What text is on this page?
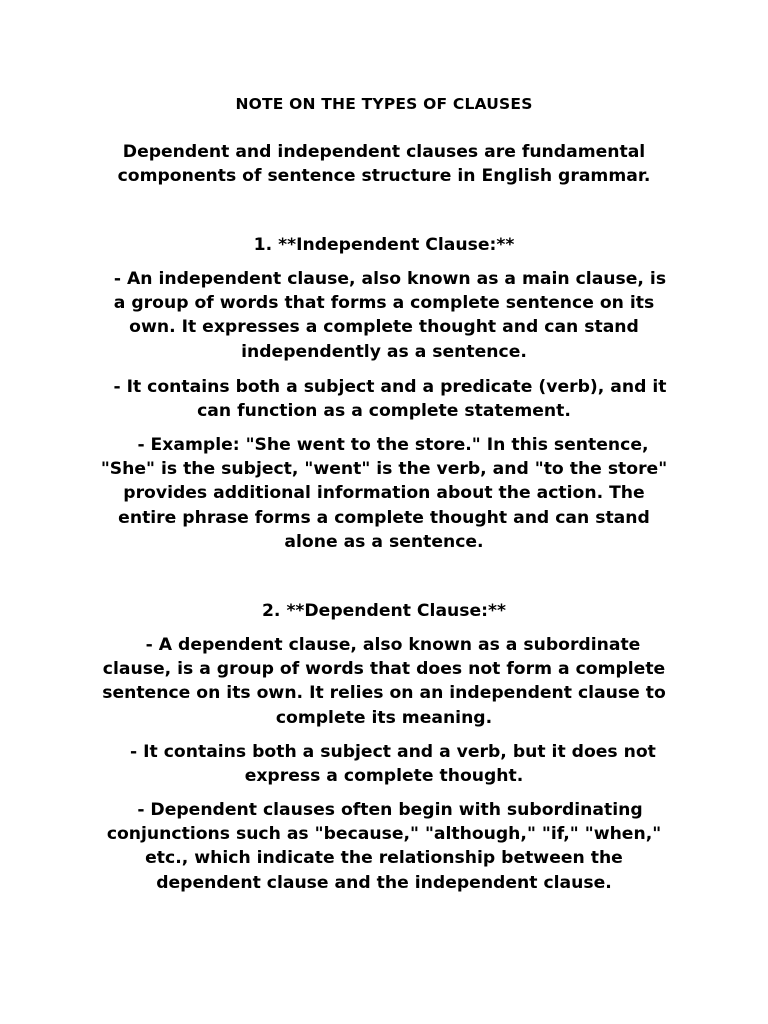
NOTE ON THE TYPES OF CLAUSES

Dependent and independent clauses are fundamental
components of sentence structure in English grammar.

1. **Independent Clause:**

- An independent clause, also known as a main clause, is
a group of words that forms a complete sentence on its
own. It expresses a complete thought and can stand
independently as a sentence.

- It contains both a subject and a predicate (verb), and it
can function as a complete statement.

- Example: "She went to the store." In this sentence,
"She" is the subject, "went" is the verb, and "to the store"
provides additional information about the action. The
entire phrase forms a complete thought and can stand
alone as a sentence.

2. **Dependent Clause:**

- A dependent clause, also known as a subordinate
clause, is a group of words that does not form a complete
sentence on its own. It relies on an independent clause to
complete its meaning.

- It contains both a subject and a verb, but it does not
express a complete thought.

- Dependent clauses often begin with subordinating
conjunctions such as "because," "although," "if," "when,"
etc., which indicate the relationship between the
dependent clause and the independent clause.
